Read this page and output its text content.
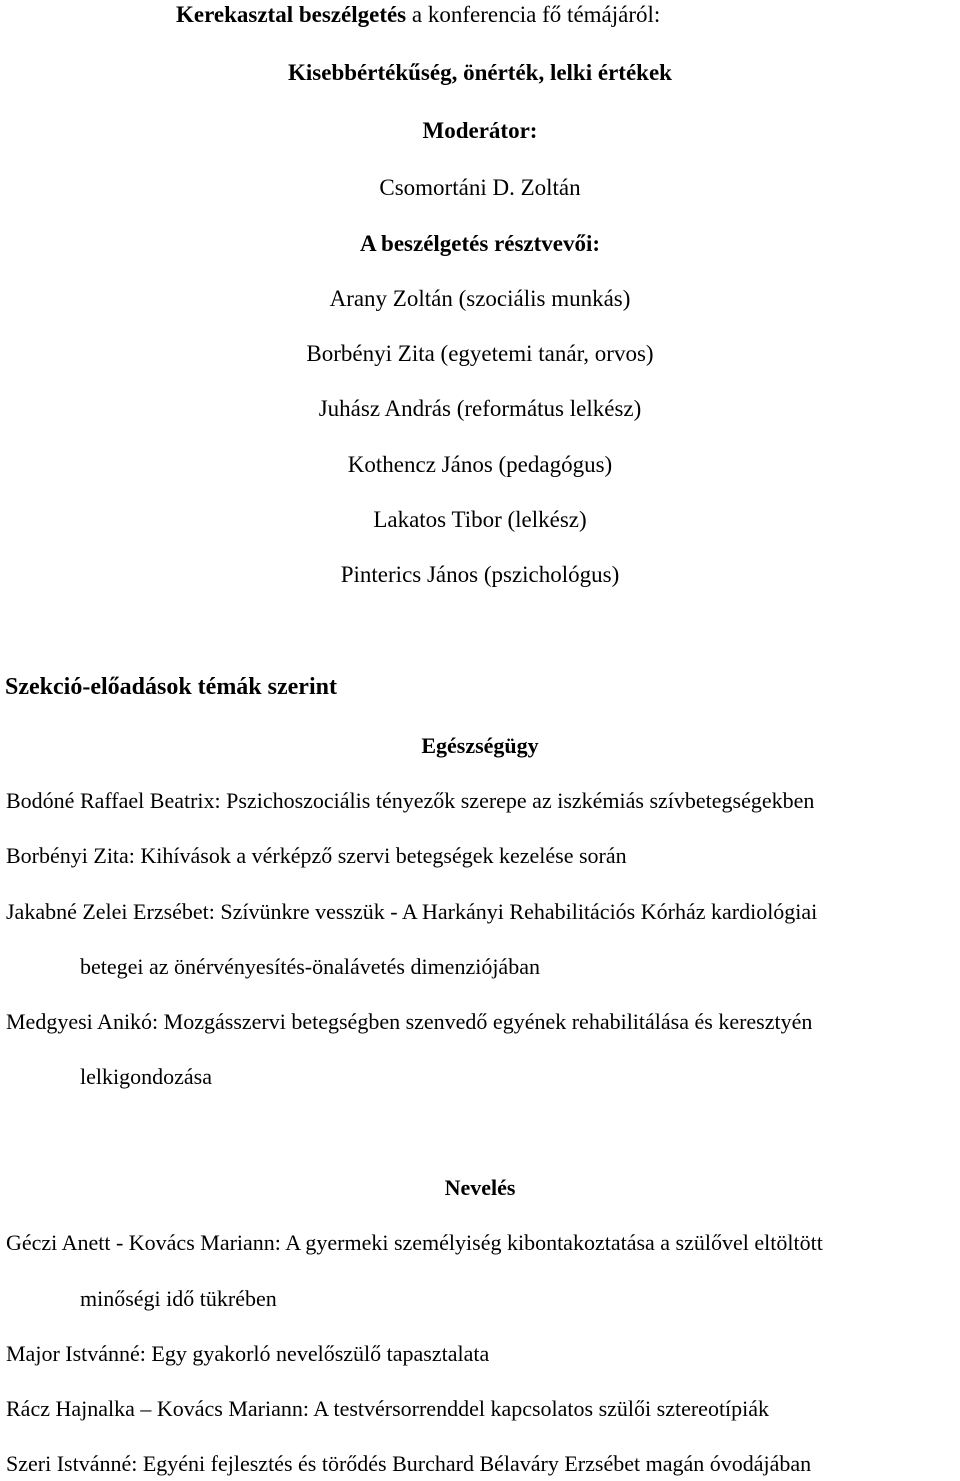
Kerekasztal beszélgetés a konferencia fő témájáról:
Kisebbértékűség, önérték, lelki értékek
Moderátor:
Csomortáni D. Zoltán
A beszélgetés résztvevői:
Arany Zoltán (szociális munkás)
Borbényi Zita (egyetemi tanár, orvos)
Juhász András (református lelkész)
Kothencz János (pedagógus)
Lakatos Tibor (lelkész)
Pinterics János (pszichológus)
Szekció-előadások témák szerint
Egészségügy
Bodóné Raffael Beatrix: Pszichoszociális tényezők szerepe az iszkémiás szívbetegségekben
Borbényi Zita: Kihívások a vérképző szervi betegségek kezelése során
Jakabné Zelei Erzsébet: Szívünkre vesszük - A Harkányi Rehabilitációs Kórház kardiológiai
betegei az önérvényesítés-önalávetés dimenziójában
Medgyesi Anikó: Mozgásszervi betegségben szenvedő egyének rehabilitálása és keresztyén
lelkigondozása
Nevelés
Géczi Anett - Kovács Mariann: A gyermeki személyiség kibontakoztatása a szülővel eltöltött
minőségi idő tükrében
Major Istvánné: Egy gyakorló nevelőszülő tapasztalata
Rácz Hajnalka – Kovács Mariann: A testvérsorrenddel kapcsolatos szülői sztereotípiák
Szeri Istvánné: Egyéni fejlesztés és törődés Burchard Bélaváry Erzsébet magán óvodájában
